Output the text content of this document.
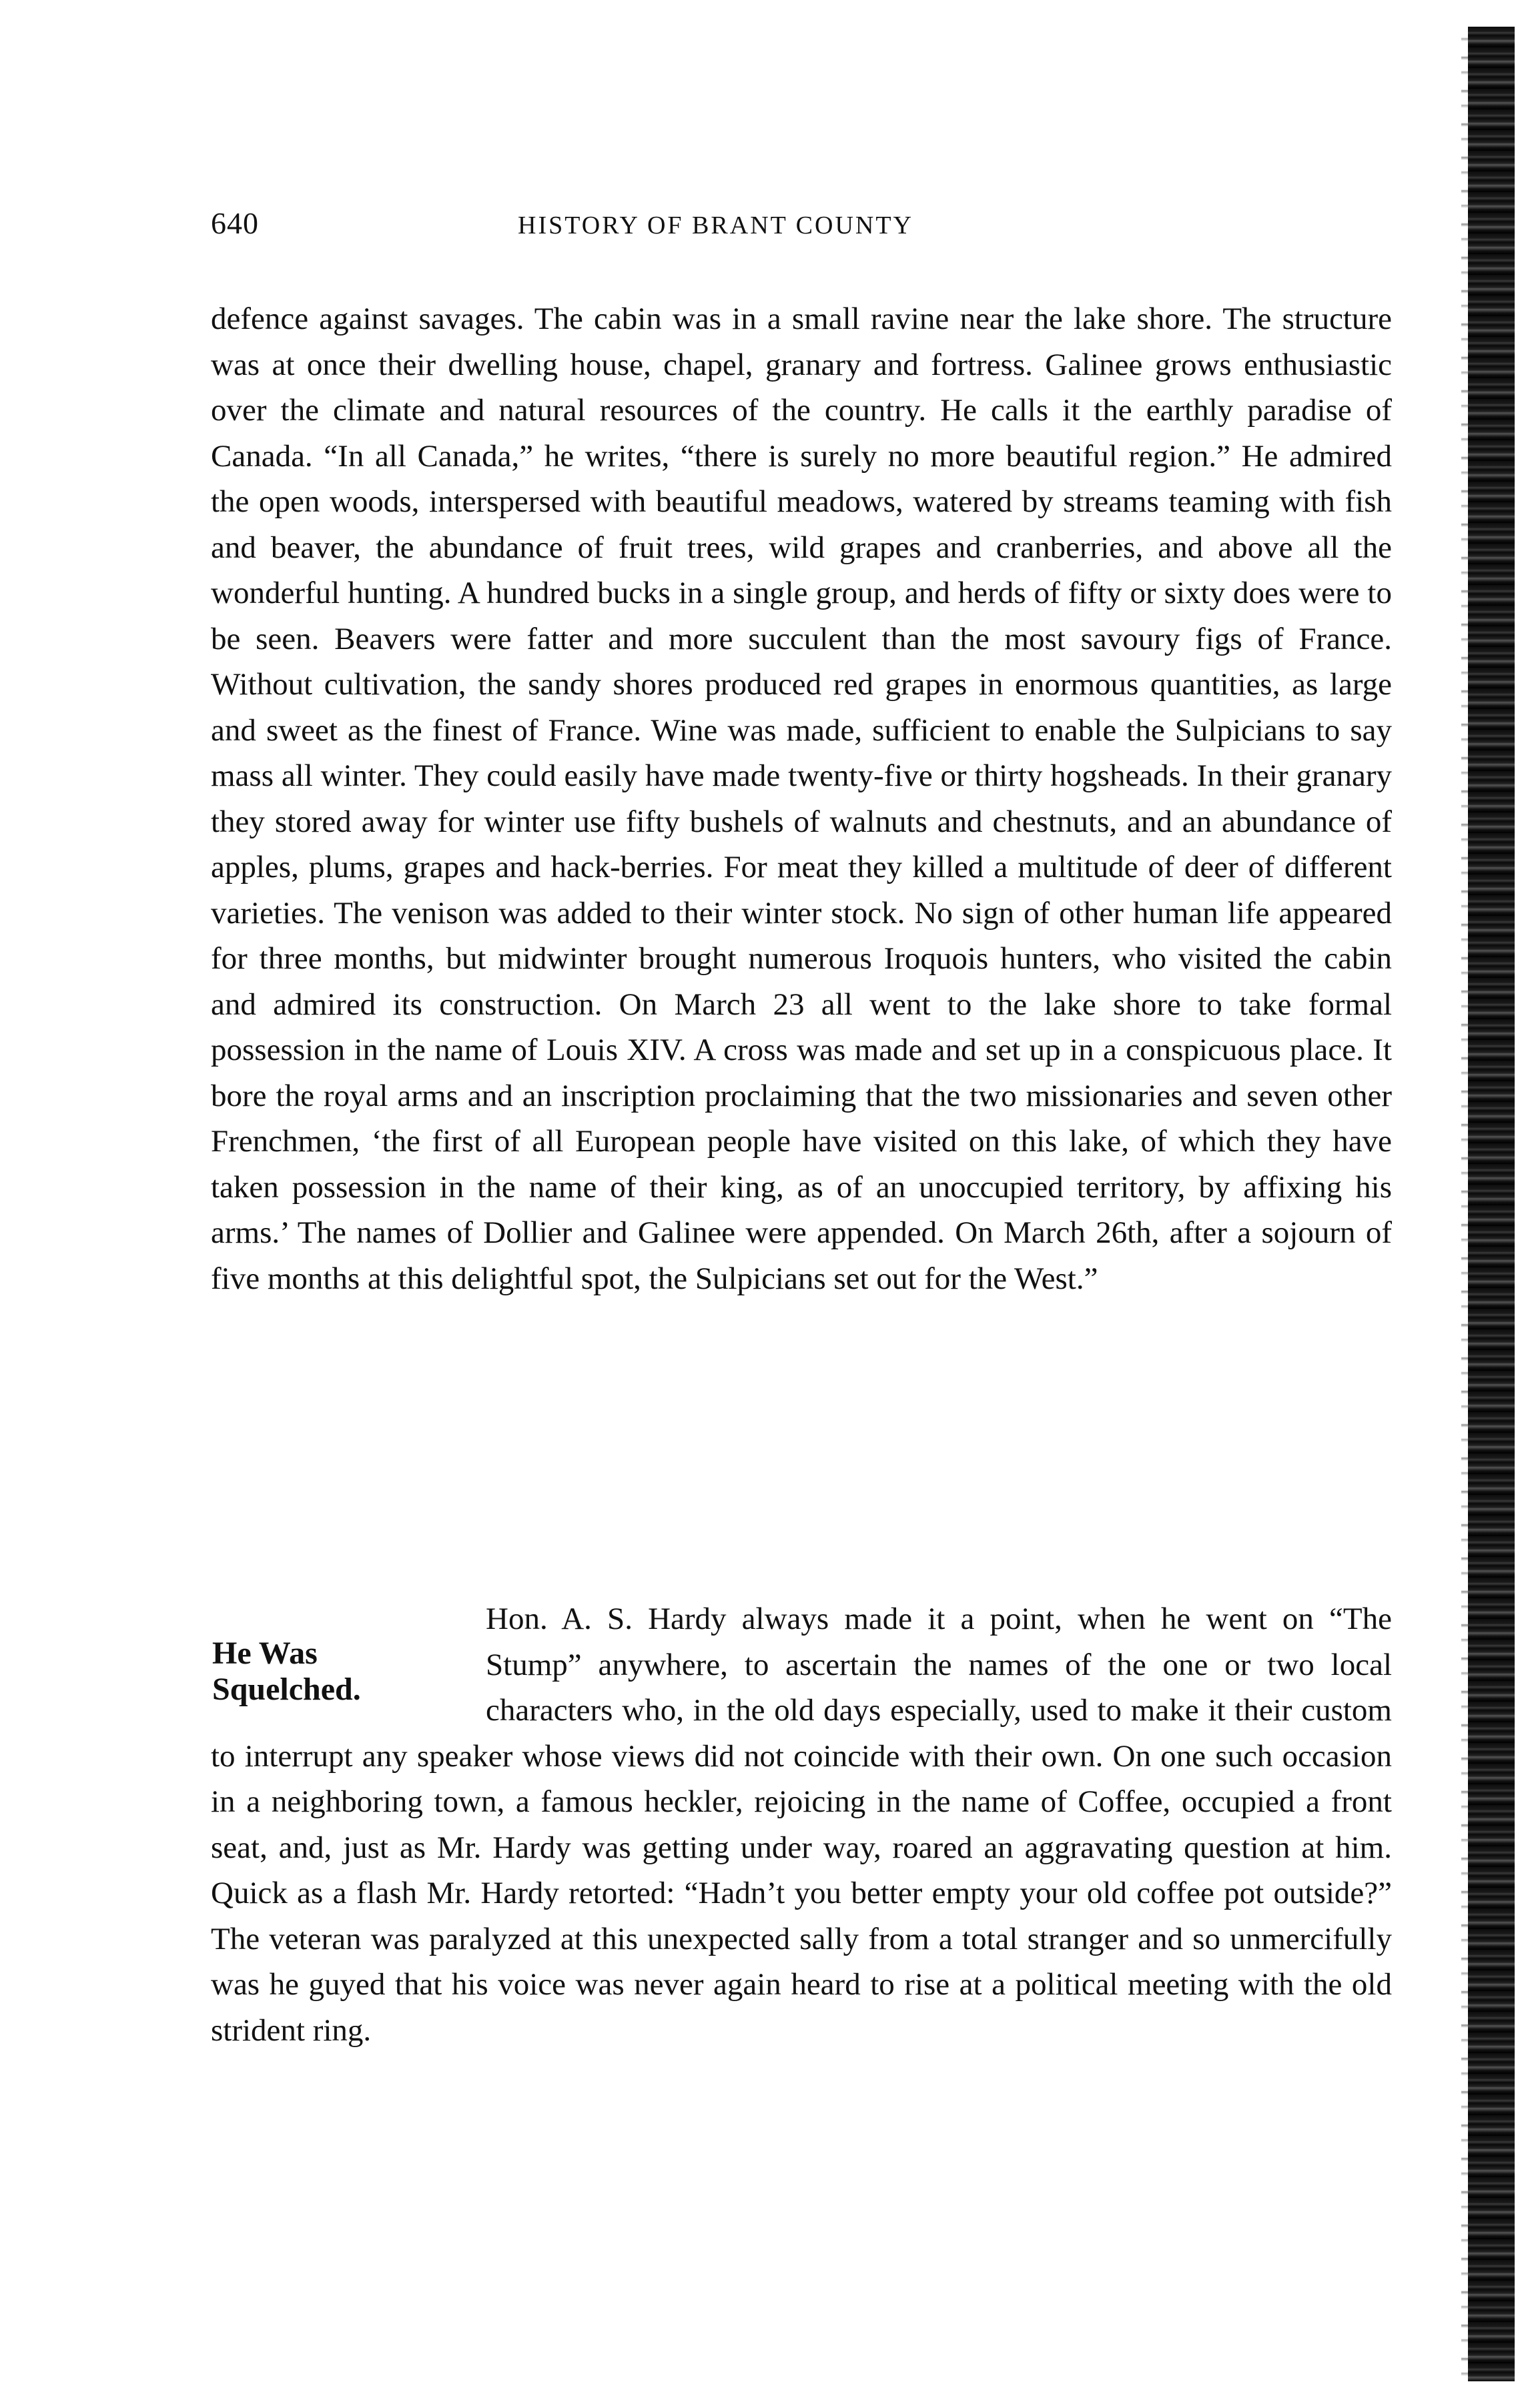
640	HISTORY OF BRANT COUNTY

defence against savages. The cabin was in a small ravine near the lake shore. The structure was at once their dwelling house, chapel, granary and fortress. Galinee grows enthusiastic over the climate and natural resources of the country. He calls it the earthly paradise of Canada. “In all Canada,” he writes, “there is surely no more beautiful region.” He admired the open woods, interspersed with beautiful meadows, watered by streams teaming with fish and beaver, the abundance of fruit trees, wild grapes and cranberries, and above all the wonderful hunting. A hundred bucks in a single group, and herds of fifty or sixty does were to be seen. Beavers were fatter and more succulent than the most savoury figs of France. Without cultivation, the sandy shores produced red grapes in enormous quantities, as large and sweet as the finest of France. Wine was made, sufficient to enable the Sulpicians to say mass all winter. They could easily have made twenty-five or thirty hogsheads. In their granary they stored away for winter use fifty bushels of walnuts and chestnuts, and an abundance of apples, plums, grapes and hack-berries. For meat they killed a multitude of deer of different varieties. The venison was added to their winter stock. No sign of other human life appeared for three months, but midwinter brought numerous Iroquois hunters, who visited the cabin and admired its construction. On March 23 all went to the lake shore to take formal possession in the name of Louis XIV. A cross was made and set up in a conspicuous place. It bore the royal arms and an inscription proclaiming that the two missionaries and seven other Frenchmen, ‘the first of all European people have visited on this lake, of which they have taken possession in the name of their king, as of an unoccupied territory, by affixing his arms.’ The names of Dollier and Galinee were appended. On March 26th, after a sojourn of five months at this delightful spot, the Sulpicians set out for the West.”

He Was
Squelched.

Hon. A. S. Hardy always made it a point, when he went on “The Stump” anywhere, to ascertain the names of the one or two local characters who, in the old days especially, used to make it their custom to interrupt any speaker whose views did not coincide with their own. On one such occasion in a neighboring town, a famous heckler, rejoicing in the name of Coffee, occupied a front seat, and, just as Mr. Hardy was getting under way, roared an aggravating question at him. Quick as a flash Mr. Hardy retorted: “Hadn’t you better empty your old coffee pot outside?” The veteran was paralyzed at this unexpected sally from a total stranger and so unmercifully was he guyed that his voice was never again heard to rise at a political meeting with the old strident ring.
